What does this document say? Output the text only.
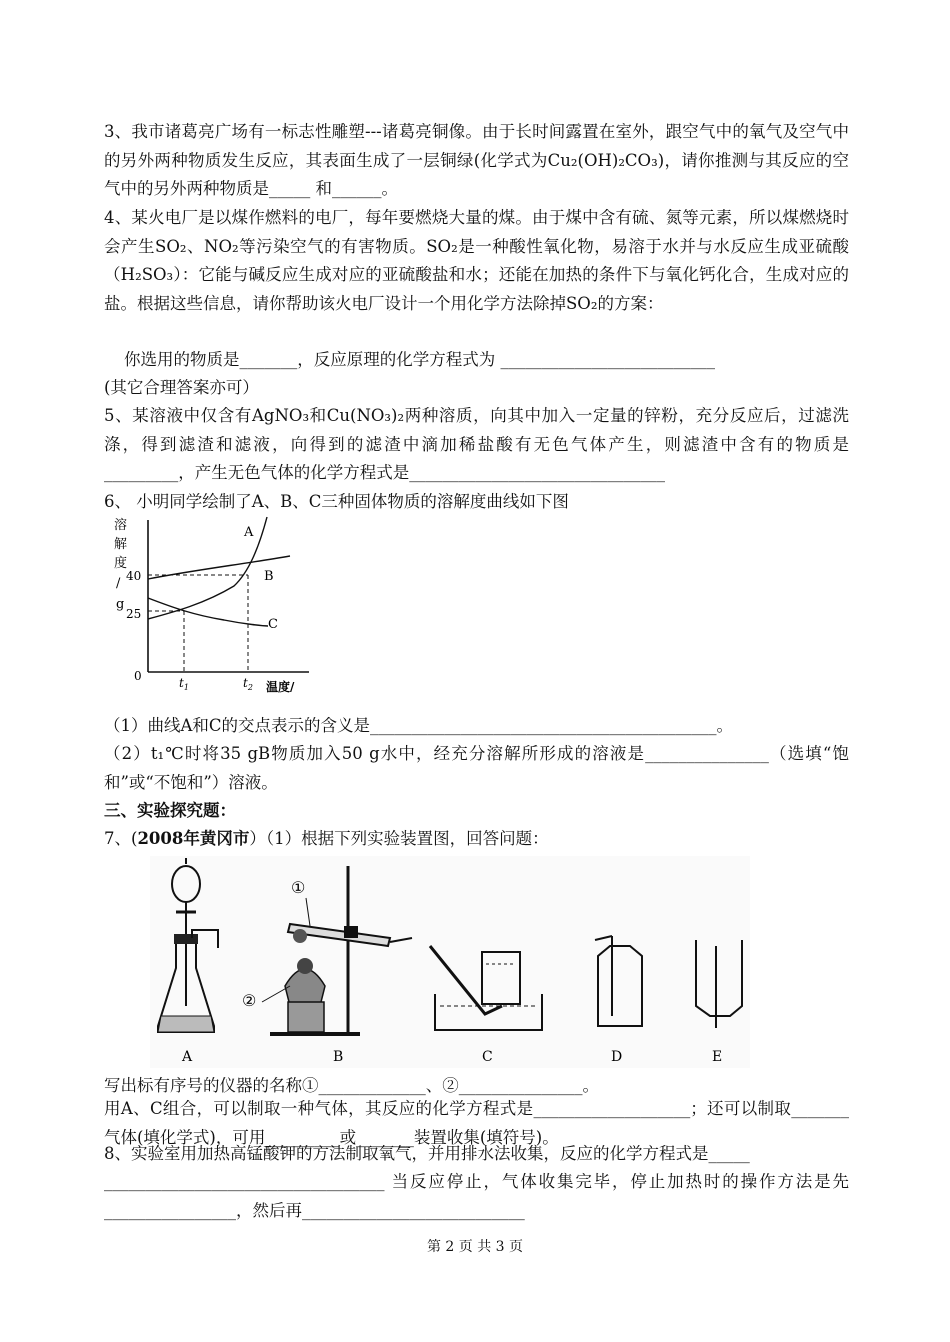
3、我市诸葛亮广场有一标志性雕塑---诸葛亮铜像。由于长时间露置在室外，跟空气中的氧气及空气中的另外两种物质发生反应，其表面生成了一层铜绿(化学式为Cu₂(OH)₂CO₃)，请你推测与其反应的空气中的另外两种物质是_____ 和______。

4、某火电厂是以煤作燃料的电厂，每年要燃烧大量的煤。由于煤中含有硫、氮等元素，所以煤燃烧时会产生SO₂、NO₂等污染空气的有害物质。SO₂是一种酸性氧化物，易溶于水并与水反应生成亚硫酸（H₂SO₃）：它能与碱反应生成对应的亚硫酸盐和水；还能在加热的条件下与氧化钙化合，生成对应的盐。根据这些信息，请你帮助该火电厂设计一个用化学方法除掉SO₂的方案：

你选用的物质是_______，反应原理的化学方程式为 __________________________

(其它合理答案亦可）

5、某溶液中仅含有AgNO₃和Cu(NO₃)₂两种溶质，向其中加入一定量的锌粉，充分反应后，过滤洗涤，得到滤渣和滤液，向得到的滤渣中滴加稀盐酸有无色气体产生，则滤渣中含有的物质是_________，产生无色气体的化学方程式是_______________________________

6、 小明同学绘制了A、B、C三种固体物质的溶解度曲线如下图

溶
解
度
/
g
40
25
0
A
B
C
$t_1$	$t_2$ 温度/

（1）曲线A和C的交点表示的含义是__________________________________________。

（2）t₁℃时将35 gB物质加入50 g水中，经充分溶解所形成的溶液是_______________（选填“饱和”或“不饱和”）溶液。

三、实验探究题：

7、(2008年黄冈市）（1）根据下列实验装置图，回答问题：

A
①
②
B	C	D	E

写出标有序号的仪器的名称①_____________、②_______________。

用A、C组合，可以制取一种气体，其反应的化学方程式是___________________；还可以制取_______气体(填化学式)，可用_________或_______装置收集(填符号)。

8、实验室用加热高锰酸钾的方法制取氧气，并用排水法收集，反应的化学方程式是_____

__________________________________ 当反应停止，气体收集完毕，停止加热时的操作方法是先________________，然后再___________________________

第 2 页 共 3 页
